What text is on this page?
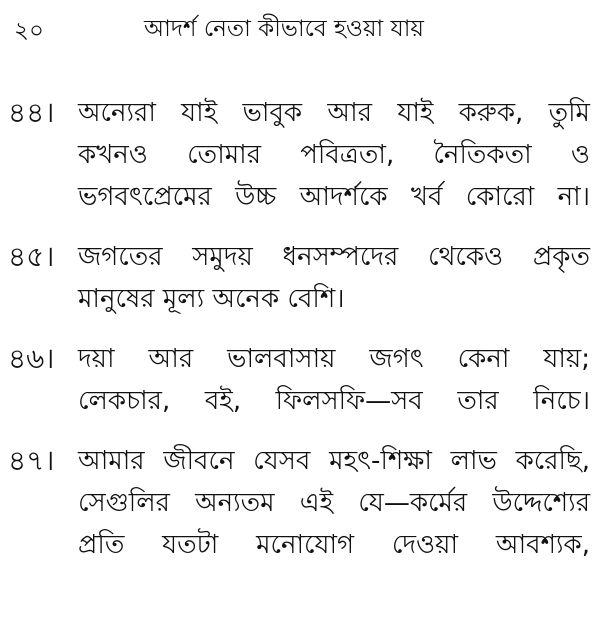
২০	আদর্শ নেতা কীভাবে হওয়া যায়
৪৪। অন্যেরা যাই ভাবুক আর যাই করুক, তুমি
কখনও তোমার পবিত্রতা, নৈতিকতা ও
ভগবৎপ্রেমের উচ্চ আদর্শকে খর্ব কোরো না।
৪৫। জগতের সমুদয় ধনসম্পদের থেকেও প্রকৃত
মানুষের মূল্য অনেক বেশি।
৪৬। দয়া আর ভালবাসায় জগৎ কেনা যায়;
লেকচার, বই, ফিলসফি—সব তার নিচে।
৪৭। আমার জীবনে যেসব মহৎ-শিক্ষা লাভ করেছি,
সেগুলির অন্যতম এই যে—কর্মের উদ্দেশ্যের
প্রতি যতটা মনোযোগ দেওয়া আবশ্যক,
